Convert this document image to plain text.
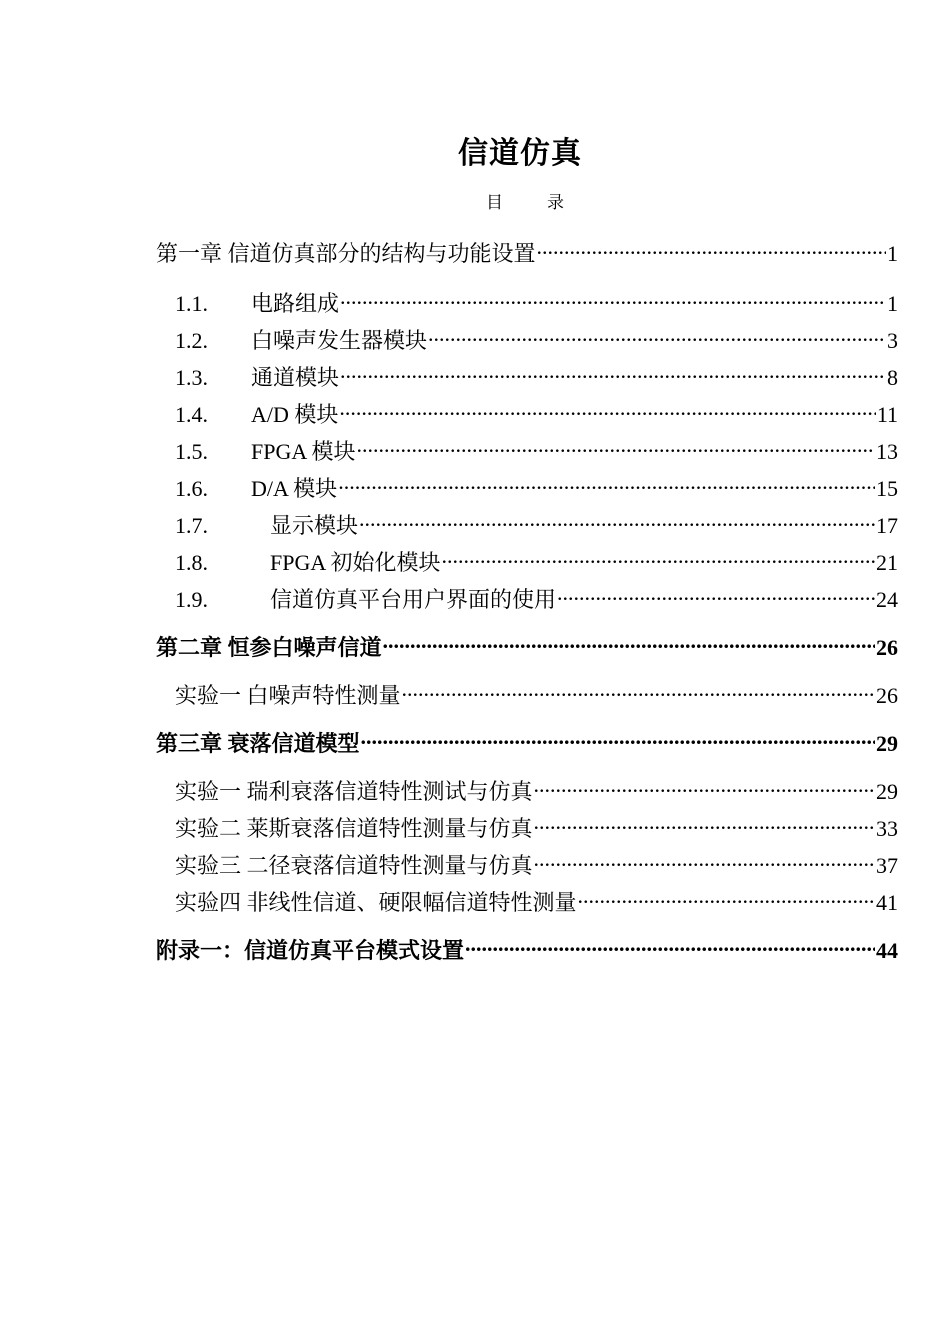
信道仿真
目	录
第一章 信道仿真部分的结构与功能设置 .....	1
1.1.	电路组成 .....	1
1.2.	白噪声发生器模块 .....	3
1.3.	通道模块 .....	8
1.4.	A/D 模块 .....	11
1.5.	FPGA 模块 .....	13
1.6.	D/A 模块 .....	15
1.7.	显示模块 .....	17
1.8.	FPGA 初始化模块 .....	21
1.9.	信道仿真平台用户界面的使用 .....	24
第二章 恒参白噪声信道 .....	26
实验一 白噪声特性测量 .....	26
第三章 衰落信道模型 .....	29
实验一 瑞利衰落信道特性测试与仿真 .....	29
实验二 莱斯衰落信道特性测量与仿真 .....	33
实验三 二径衰落信道特性测量与仿真 .....	37
实验四 非线性信道、硬限幅信道特性测量 .....	41
附录一：信道仿真平台模式设置 .....	44
